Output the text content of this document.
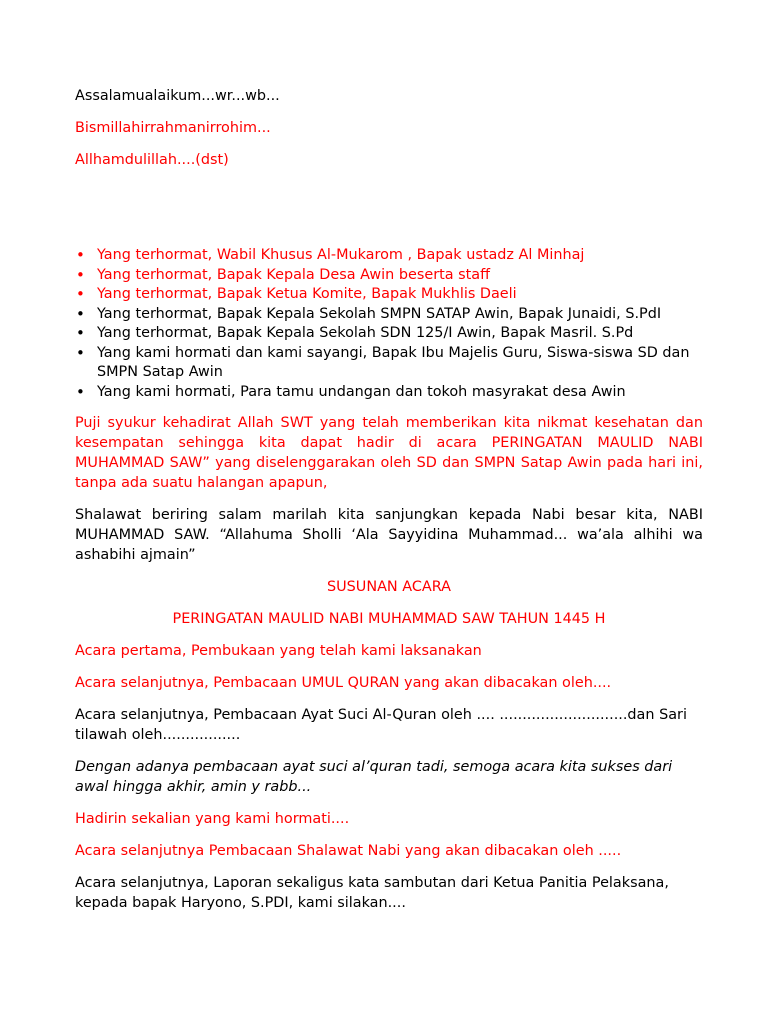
Assalamualaikum...wr...wb...

Bismillahirrahmanirrohim...

Allhamdulillah....(dst)

• Yang terhormat, Wabil Khusus Al-Mukarom , Bapak ustadz Al Minhaj
• Yang terhormat, Bapak Kepala Desa Awin beserta staff
• Yang terhormat, Bapak Ketua Komite, Bapak Mukhlis Daeli
• Yang terhormat, Bapak Kepala Sekolah SMPN SATAP Awin, Bapak Junaidi, S.PdI
• Yang terhormat, Bapak Kepala Sekolah SDN 125/I Awin, Bapak Masril. S.Pd
• Yang kami hormati dan kami sayangi, Bapak Ibu Majelis Guru, Siswa-siswa SD dan SMPN Satap Awin
• Yang kami hormati, Para tamu undangan dan tokoh masyrakat desa Awin

Puji syukur kehadirat Allah SWT yang telah memberikan kita nikmat kesehatan dan kesempatan sehingga kita dapat hadir di acara PERINGATAN MAULID NABI MUHAMMAD SAW” yang diselenggarakan oleh SD dan SMPN Satap Awin pada hari ini, tanpa ada suatu halangan apapun,

Shalawat beriring salam marilah kita sanjungkan kepada Nabi besar kita, NABI MUHAMMAD SAW. “Allahuma Sholli ‘Ala Sayyidina Muhammad... wa’ala alhihi wa ashabihi ajmain”

SUSUNAN ACARA

PERINGATAN MAULID NABI MUHAMMAD SAW TAHUN 1445 H

Acara pertama, Pembukaan yang telah kami laksanakan

Acara selanjutnya, Pembacaan UMUL QURAN yang akan dibacakan oleh....

Acara selanjutnya, Pembacaan Ayat Suci Al-Quran oleh .... ............................dan Sari tilawah oleh.................

Dengan adanya pembacaan ayat suci al’quran tadi, semoga acara kita sukses dari awal hingga akhir, amin y rabb...

Hadirin sekalian yang kami hormati....

Acara selanjutnya Pembacaan Shalawat Nabi yang akan dibacakan oleh .....

Acara selanjutnya, Laporan sekaligus kata sambutan dari Ketua Panitia Pelaksana, kepada bapak Haryono, S.PDI, kami silakan....
